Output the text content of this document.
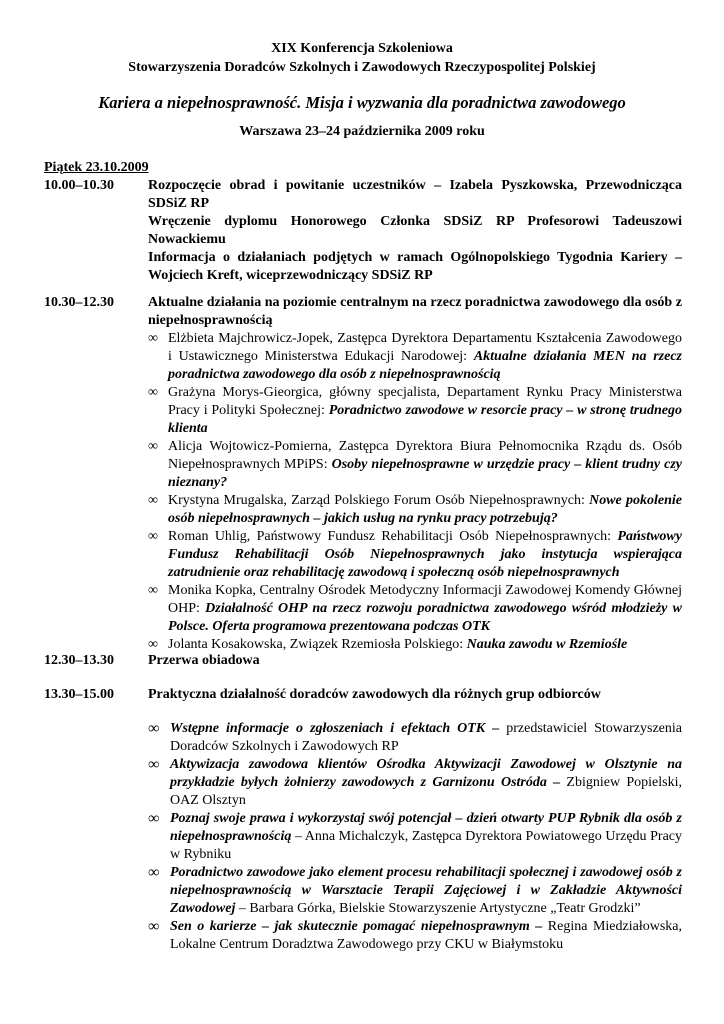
XIX Konferencja Szkoleniowa
Stowarzyszenia Doradców Szkolnych i Zawodowych Rzeczypospolitej Polskiej
Kariera a niepełnosprawność. Misja i wyzwania dla poradnictwa zawodowego
Warszawa 23–24 października 2009 roku
Piątek 23.10.2009
10.00–10.30 Rozpoczęcie obrad i powitanie uczestników – Izabela Pyszkowska, Przewodnicząca SDSiZ RP
Wręczenie dyplomu Honorowego Członka SDSiZ RP Profesorowi Tadeuszowi Nowackiemu
Informacja o działaniach podjętych w ramach Ogólnopolskiego Tygodnia Kariery – Wojciech Kreft, wiceprzewodniczący SDSiZ RP
10.30–12.30 Aktualne działania na poziomie centralnym na rzecz poradnictwa zawodowego dla osób z niepełnosprawnością
∞ Elżbieta Majchrowicz-Jopek, Zastępca Dyrektora Departamentu Kształcenia Zawodowego i Ustawicznego Ministerstwa Edukacji Narodowej: Aktualne działania MEN na rzecz poradnictwa zawodowego dla osób z niepełnosprawnością
∞ Grażyna Morys-Gieorgica, główny specjalista, Departament Rynku Pracy Ministerstwa Pracy i Polityki Społecznej: Poradnictwo zawodowe w resorcie pracy – w stronę trudnego klienta
∞ Alicja Wojtowicz-Pomierna, Zastępca Dyrektora Biura Pełnomocnika Rządu ds. Osób Niepełnosprawnych MPiPS: Osoby niepełnosprawne w urzędzie pracy – klient trudny czy nieznany?
∞ Krystyna Mrugalska, Zarząd Polskiego Forum Osób Niepełnosprawnych: Nowe pokolenie osób niepełnosprawnych – jakich usług na rynku pracy potrzebują?
∞ Roman Uhlig, Państwowy Fundusz Rehabilitacji Osób Niepełnosprawnych: Państwowy Fundusz Rehabilitacji Osób Niepełnosprawnych jako instytucja wspierająca zatrudnienie oraz rehabilitację zawodową i społeczną osób niepełnosprawnych
∞ Monika Kopka, Centralny Ośrodek Metodyczny Informacji Zawodowej Komendy Głównej OHP: Działalność OHP na rzecz rozwoju poradnictwa zawodowego wśród młodzieży w Polsce. Oferta programowa prezentowana podczas OTK
∞ Jolanta Kosakowska, Związek Rzemiosła Polskiego: Nauka zawodu w Rzemiośle
12.30–13.30 Przerwa obiadowa
13.30–15.00 Praktyczna działalność doradców zawodowych dla różnych grup odbiorców
∞ Wstępne informacje o zgłoszeniach i efektach OTK – przedstawiciel Stowarzyszenia Doradców Szkolnych i Zawodowych RP
∞ Aktywizacja zawodowa klientów Ośrodka Aktywizacji Zawodowej w Olsztynie na przykładzie byłych żołnierzy zawodowych z Garnizonu Ostróda – Zbigniew Popielski, OAZ Olsztyn
∞ Poznaj swoje prawa i wykorzystaj swój potencjał – dzień otwarty PUP Rybnik dla osób z niepełnosprawnością – Anna Michalczyk, Zastępca Dyrektora Powiatowego Urzędu Pracy w Rybniku
∞ Poradnictwo zawodowe jako element procesu rehabilitacji społecznej i zawodowej osób z niepełnosprawnością w Warsztacie Terapii Zajęciowej i w Zakładzie Aktywności Zawodowej – Barbara Górka, Bielskie Stowarzyszenie Artystyczne „Teatr Grodzki”
∞ Sen o karierze – jak skutecznie pomagać niepełnosprawnym – Regina Miedziałowska, Lokalne Centrum Doradztwa Zawodowego przy CKU w Białymstoku
